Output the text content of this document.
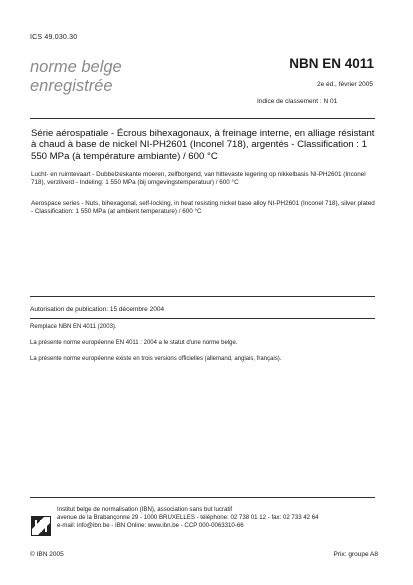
ICS 49.030.30
norme belge
enregistrée
NBN EN 4011
2e éd., février 2005
Indice de classement : N 01
Série aérospatiale - Écrous bihexagonaux, à freinage interne, en alliage résistant à chaud à base de nickel NI-PH2601 (Inconel 718), argentés - Classification : 1 550 MPa (à température ambiante) / 600 °C
Lucht- en ruimtevaart - Dubbelzeskante moeren, zelfborgend, van hittevaste legering op nikkelbasis NI-PH2601 (Inconel 718), verzilverd - Indeling: 1 550 MPa (bij omgevingstemperatuur) / 600 °C
Aerospace series - Nuts, bihexagonal, self-locking, in heat resisting nickel base alloy NI-PH2601 (Inconel 718), silver plated - Classification: 1 550 MPa (at ambient temperature) / 600 °C
Autorisation de publication: 15 décembre 2004
Remplace NBN EN 4011 (2003).
La présente norme européenne EN 4011 : 2004 a le statut d'une norme belge.
La présente norme européenne existe en trois versions officielles (allemand, anglais, français).
Institut belge de normalisation (IBN), association sans but lucratif
avenue de la Brabançonne 29 - 1000 BRUXELLES - téléphone: 02 738 01 12 - fax: 02 733 42 64
e-mail: info@ibn.be - IBN Online: www.ibn.be - CCP 000-0063310-66
© IBN 2005	Prix: groupe A8
